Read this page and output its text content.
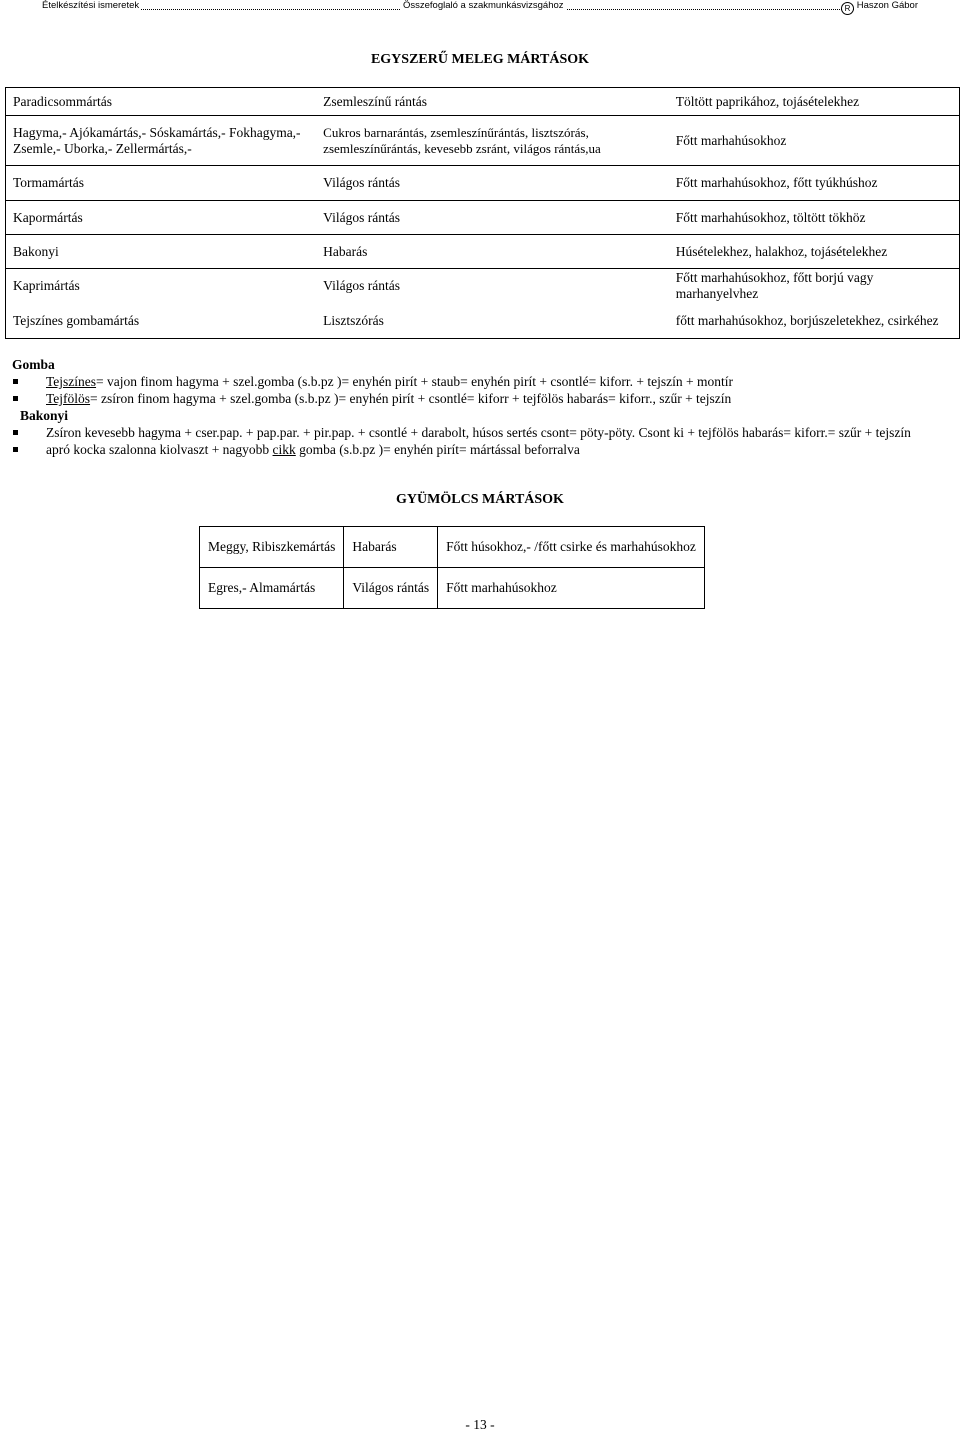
Ételkészítési ismeretek	Összefoglaló a szakmunkásvizsgához	R Haszon Gábor
EGYSZERŰ MELEG MÁRTÁSOK
Paradicsommártás	Zsemleszínű rántás	Töltött paprikához, tojásételekhez
Hagyma,- Ajókamártás,- Sóskamártás,- Fokhagyma,- Zsemle,- Uborka,- Zellermártás,-	Cukros barnarántás, zsemleszínűrántás, lisztszórás, zsemleszínűrántás, kevesebb zsránt, világos rántás,ua	Főtt marhahúsokhoz
Tormamártás	Világos rántás	Főtt marhahúsokhoz, főtt tyúkhúshoz
Kapormártás	Világos rántás	Főtt marhahúsokhoz, töltött tökhöz
Bakonyi	Habarás	Húsételekhez, halakhoz, tojásételekhez
Kaprimártás	Világos rántás	Főtt marhahúsokhoz, főtt borjú vagy marhanyelvhez
Tejszínes gombamártás	Lisztszórás	főtt marhahúsokhoz, borjúszeletekhez, csirkéhez
Gomba
Tejszínes= vajon finom hagyma + szel.gomba (s.b.pz )= enyhén pirít + staub= enyhén pirít + csontlé= kiforr. + tejszín + montír
Tejfölös= zsíron finom hagyma + szel.gomba (s.b.pz )= enyhén pirít + csontlé= kiforr + tejfölös habarás= kiforr., szűr + tejszín
Bakonyi
Zsíron kevesebb hagyma + cser.pap. + pap.par. + pir.pap. + csontlé + darabolt, húsos sertés csont= pöty-pöty. Csont ki + tejfölös habarás= kiforr.= szűr + tejszín
apró kocka szalonna kiolvaszt + nagyobb cikk gomba (s.b.pz )= enyhén pirít= mártással beforralva
GYÜMÖLCS MÁRTÁSOK
Meggy, Ribiszkemártás	Habarás	Főtt húsokhoz,- /főtt csirke és marhahúsokhoz
Egres,- Almamártás	Világos rántás	Főtt marhahúsokhoz
- 13 -
